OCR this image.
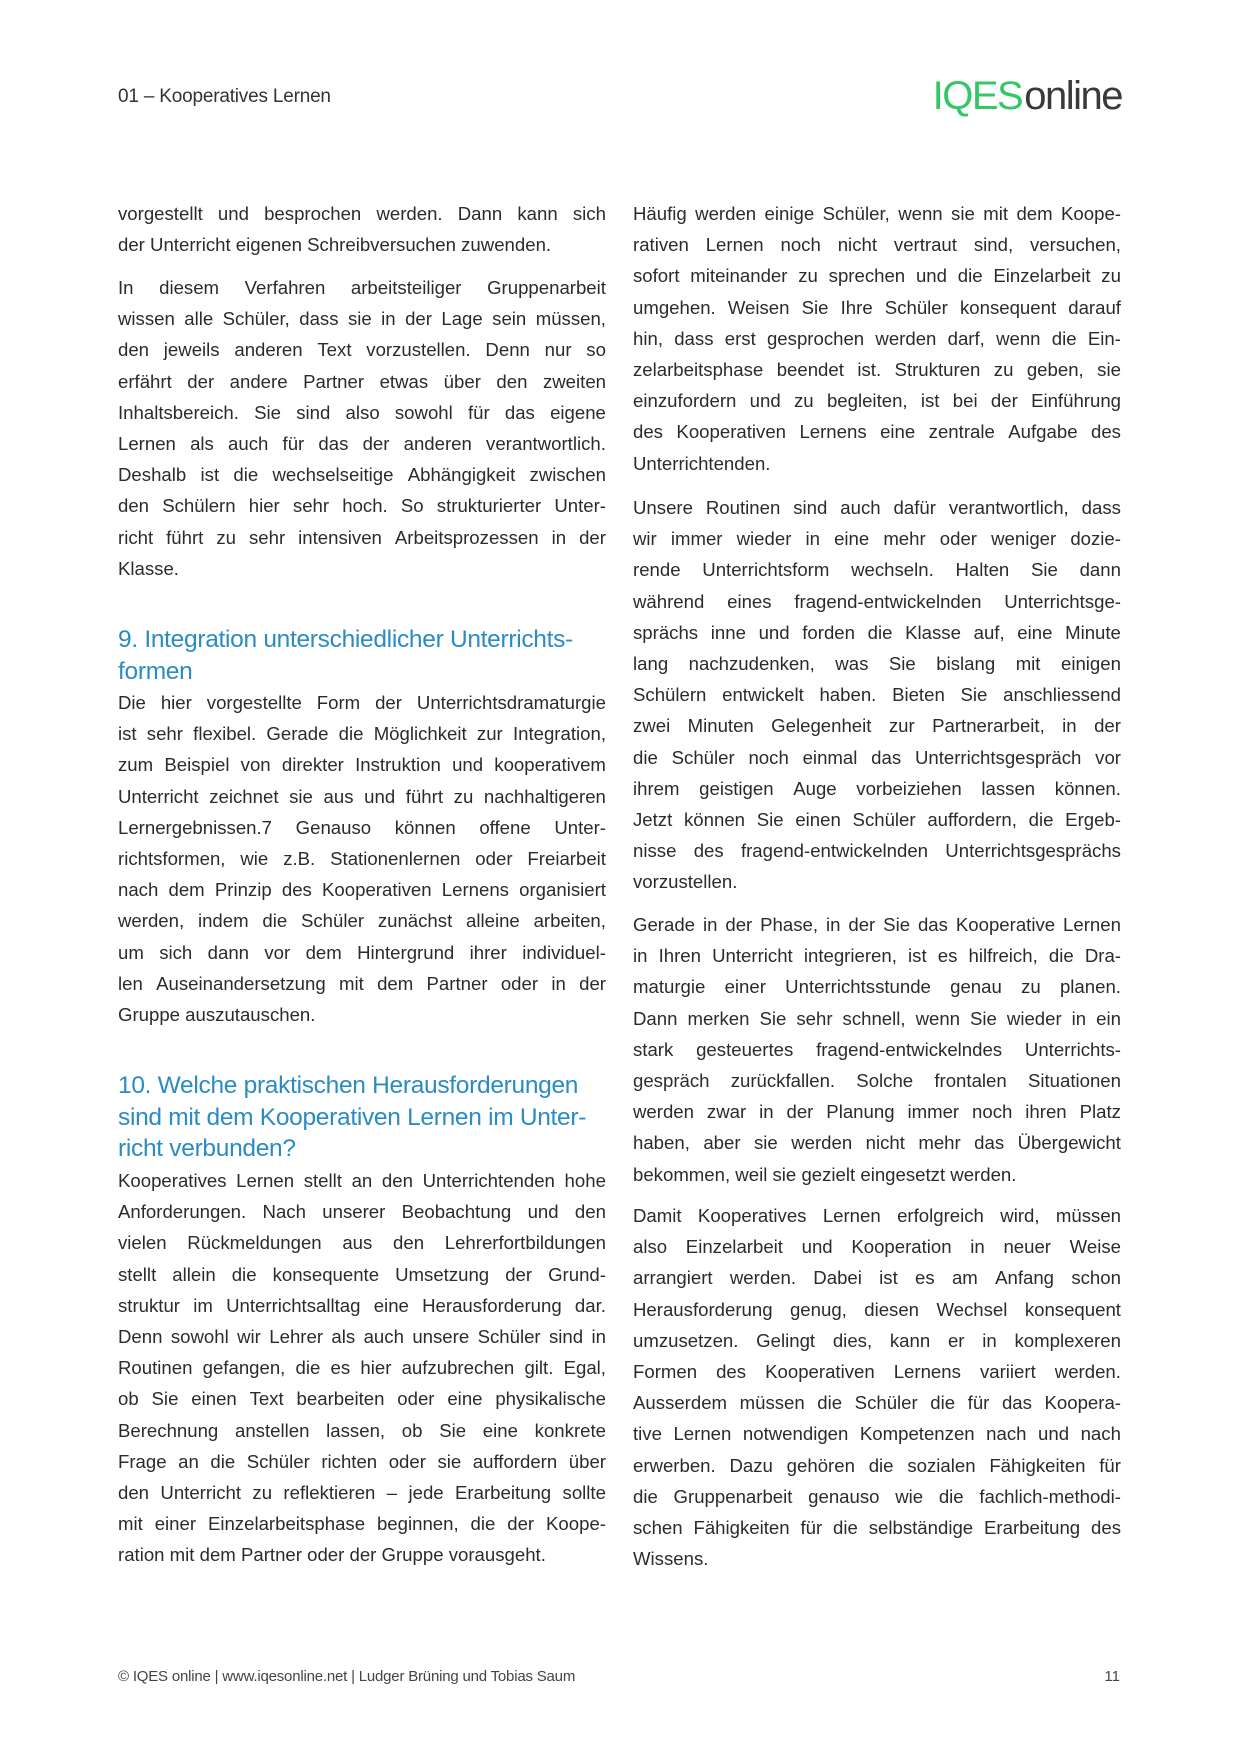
01 – Kooperatives Lernen	IQESonline
vorgestellt und besprochen werden. Dann kann sich
der Unterricht eigenen Schreibversuchen zuwenden.
In diesem Verfahren arbeitsteiliger Gruppenarbeit
wissen alle Schüler, dass sie in der Lage sein müssen,
den jeweils anderen Text vorzustellen. Denn nur so
erfährt der andere Partner etwas über den zweiten
Inhaltsbereich. Sie sind also sowohl für das eigene
Lernen als auch für das der anderen verantwortlich.
Deshalb ist die wechselseitige Abhängigkeit zwischen
den Schülern hier sehr hoch. So strukturierter Unter-
richt führt zu sehr intensiven Arbeitsprozessen in der
Klasse.
9. Integration unterschiedlicher Unterrichts-
formen
Die hier vorgestellte Form der Unterrichtsdramaturgie
ist sehr flexibel. Gerade die Möglichkeit zur Integration,
zum Beispiel von direkter Instruktion und kooperativem
Unterricht zeichnet sie aus und führt zu nachhaltigeren
Lernergebnissen.7 Genauso können offene Unter-
richtsformen, wie z.B. Stationenlernen oder Freiarbeit
nach dem Prinzip des Kooperativen Lernens organisiert
werden, indem die Schüler zunächst alleine arbeiten,
um sich dann vor dem Hintergrund ihrer individuel-
len Auseinandersetzung mit dem Partner oder in der
Gruppe auszutauschen.
10. Welche praktischen Herausforderungen
sind mit dem Kooperativen Lernen im Unter-
richt verbunden?
Kooperatives Lernen stellt an den Unterrichtenden hohe
Anforderungen. Nach unserer Beobachtung und den
vielen Rückmeldungen aus den Lehrerfortbildungen
stellt allein die konsequente Umsetzung der Grund-
struktur im Unterrichtsalltag eine Herausforderung dar.
Denn sowohl wir Lehrer als auch unsere Schüler sind in
Routinen gefangen, die es hier aufzubrechen gilt. Egal,
ob Sie einen Text bearbeiten oder eine physikalische
Berechnung anstellen lassen, ob Sie eine konkrete
Frage an die Schüler richten oder sie auffordern über
den Unterricht zu reflektieren – jede Erarbeitung sollte
mit einer Einzelarbeitsphase beginnen, die der Koope-
ration mit dem Partner oder der Gruppe vorausgeht.
Häufig werden einige Schüler, wenn sie mit dem Koope-
rativen Lernen noch nicht vertraut sind, versuchen,
sofort miteinander zu sprechen und die Einzelarbeit zu
umgehen. Weisen Sie Ihre Schüler konsequent darauf
hin, dass erst gesprochen werden darf, wenn die Ein-
zelarbeitsphase beendet ist. Strukturen zu geben, sie
einzufordern und zu begleiten, ist bei der Einführung
des Kooperativen Lernens eine zentrale Aufgabe des
Unterrichtenden.
Unsere Routinen sind auch dafür verantwortlich, dass
wir immer wieder in eine mehr oder weniger dozie-
rende Unterrichtsform wechseln. Halten Sie dann
während eines fragend-entwickelnden Unterrichtsge-
sprächs inne und forden die Klasse auf, eine Minute
lang nachzudenken, was Sie bislang mit einigen
Schülern entwickelt haben. Bieten Sie anschliessend
zwei Minuten Gelegenheit zur Partnerarbeit, in der
die Schüler noch einmal das Unterrichtsgespräch vor
ihrem geistigen Auge vorbeiziehen lassen können.
Jetzt können Sie einen Schüler auffordern, die Ergeb-
nisse des fragend-entwickelnden Unterrichtsgesprächs
vorzustellen.
Gerade in der Phase, in der Sie das Kooperative Lernen
in Ihren Unterricht integrieren, ist es hilfreich, die Dra-
maturgie einer Unterrichtsstunde genau zu planen.
Dann merken Sie sehr schnell, wenn Sie wieder in ein
stark gesteuertes fragend-entwickelndes Unterrichts-
gespräch zurückfallen. Solche frontalen Situationen
werden zwar in der Planung immer noch ihren Platz
haben, aber sie werden nicht mehr das Übergewicht
bekommen, weil sie gezielt eingesetzt werden.
Damit Kooperatives Lernen erfolgreich wird, müssen
also Einzelarbeit und Kooperation in neuer Weise
arrangiert werden. Dabei ist es am Anfang schon
Herausforderung genug, diesen Wechsel konsequent
umzusetzen. Gelingt dies, kann er in komplexeren
Formen des Kooperativen Lernens variiert werden.
Ausserdem müssen die Schüler die für das Koopera-
tive Lernen notwendigen Kompetenzen nach und nach
erwerben. Dazu gehören die sozialen Fähigkeiten für
die Gruppenarbeit genauso wie die fachlich-methodi-
schen Fähigkeiten für die selbständige Erarbeitung des
Wissens.
© IQES online | www.iqesonline.net | Ludger Brüning und Tobias Saum	11
